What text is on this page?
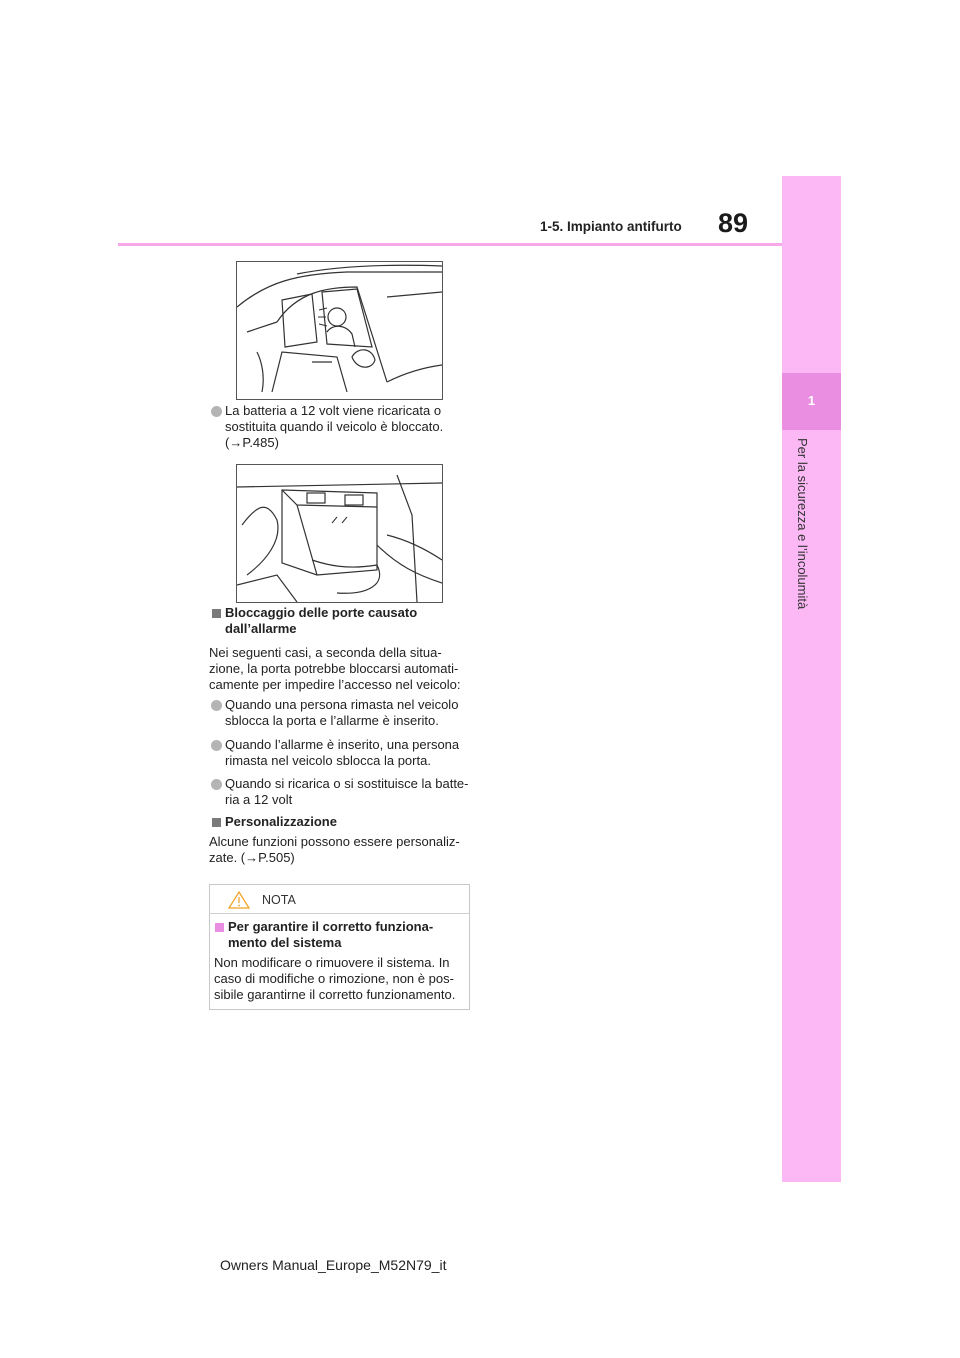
89
1-5. Impianto antifurto
1
Per la sicurezza e l’incolumità
La batteria a 12 volt viene ricaricata o
sostituita quando il veicolo è bloccato.
(→P.485)
Bloccaggio delle porte causato
dall’allarme
Nei seguenti casi, a seconda della situa-
zione, la porta potrebbe bloccarsi automati-
camente per impedire l’accesso nel veicolo:
Quando una persona rimasta nel veicolo
sblocca la porta e l’allarme è inserito.
Quando l’allarme è inserito, una persona
rimasta nel veicolo sblocca la porta.
Quando si ricarica o si sostituisce la batte-
ria a 12 volt
Personalizzazione
Alcune funzioni possono essere personaliz-
zate. (→P.505)
NOTA
Per garantire il corretto funziona-
mento del sistema
Non modificare o rimuovere il sistema. In
caso di modifiche o rimozione, non è pos-
sibile garantirne il corretto funzionamento.
Owners Manual_Europe_M52N79_it
